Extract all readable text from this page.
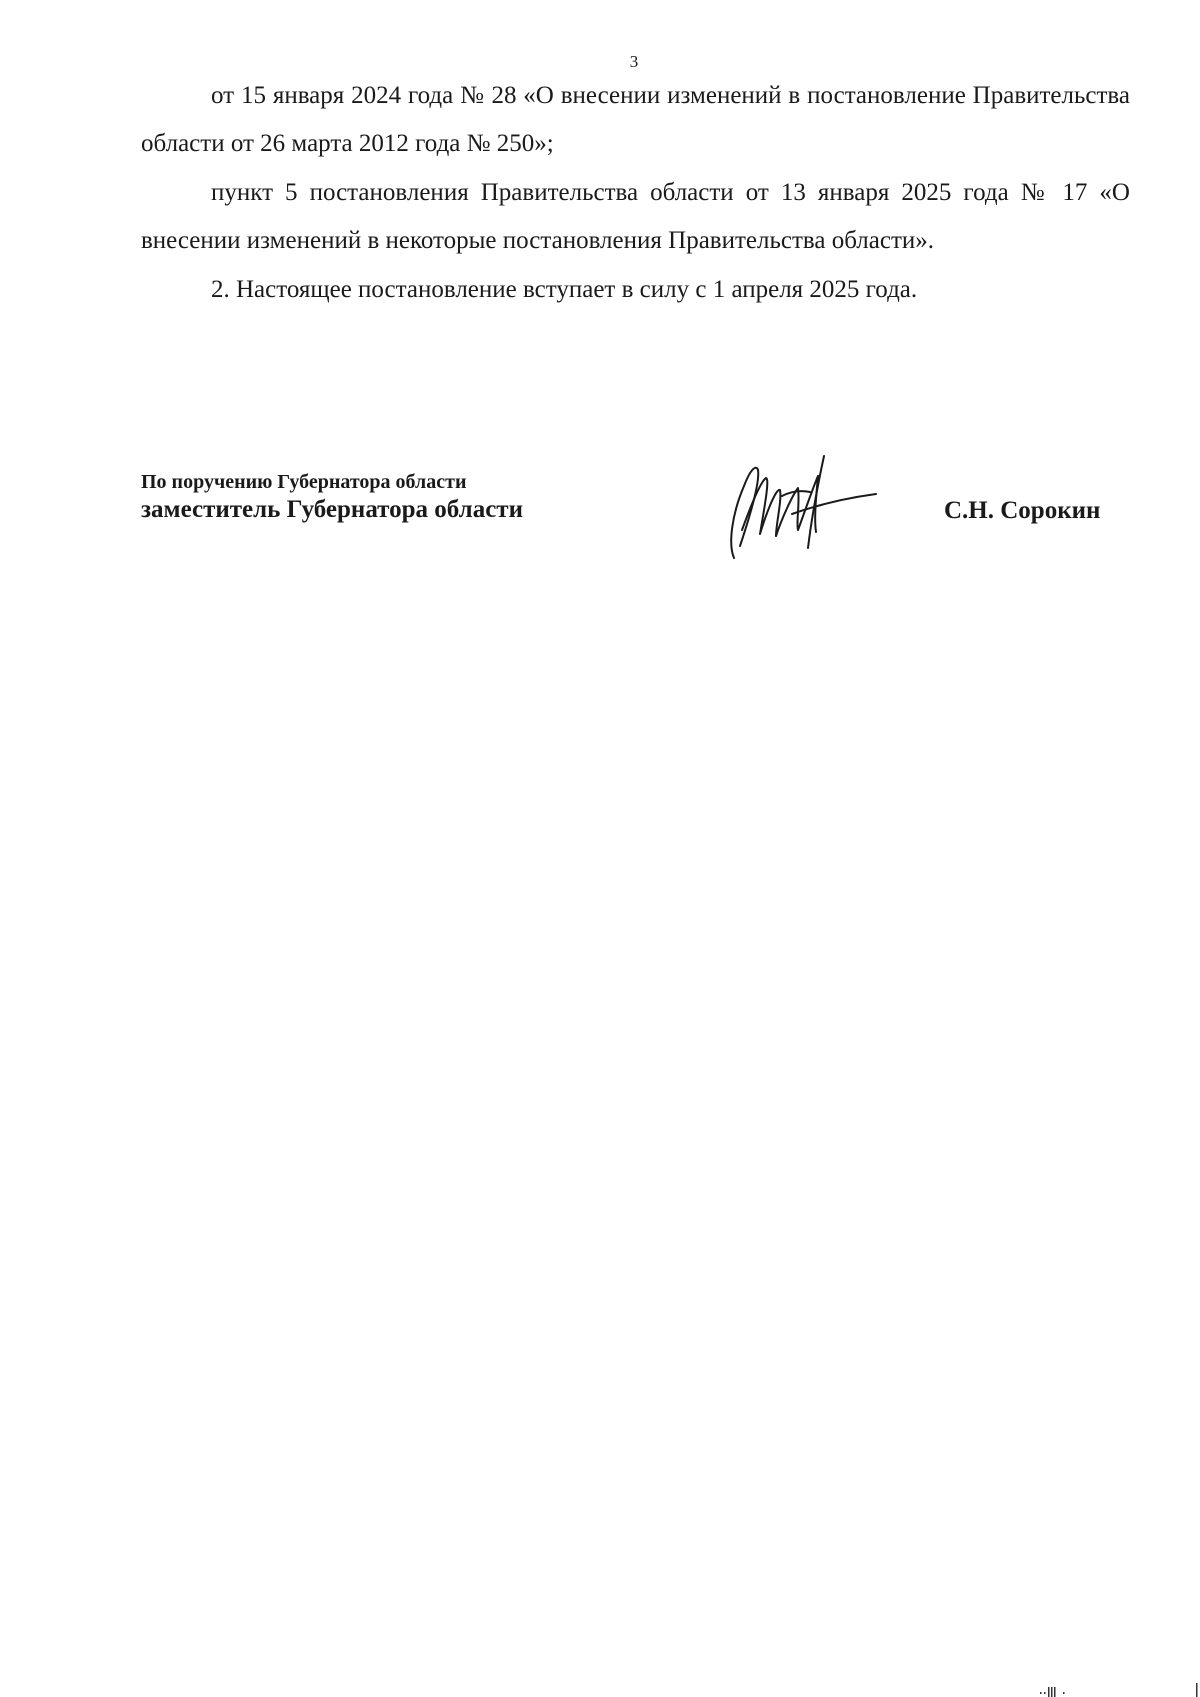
3

от 15 января 2024 года № 28 «О внесении изменений в постановление Правительства области от 26 марта 2012 года № 250»;

пункт 5 постановления Правительства области от 13 января 2025 года № 17 «О внесении изменений в некоторые постановления Правительства области».

2. Настоящее постановление вступает в силу с 1 апреля 2025 года.

По поручению Губернатора области
заместитель Губернатора области	С.Н. Сорокин
